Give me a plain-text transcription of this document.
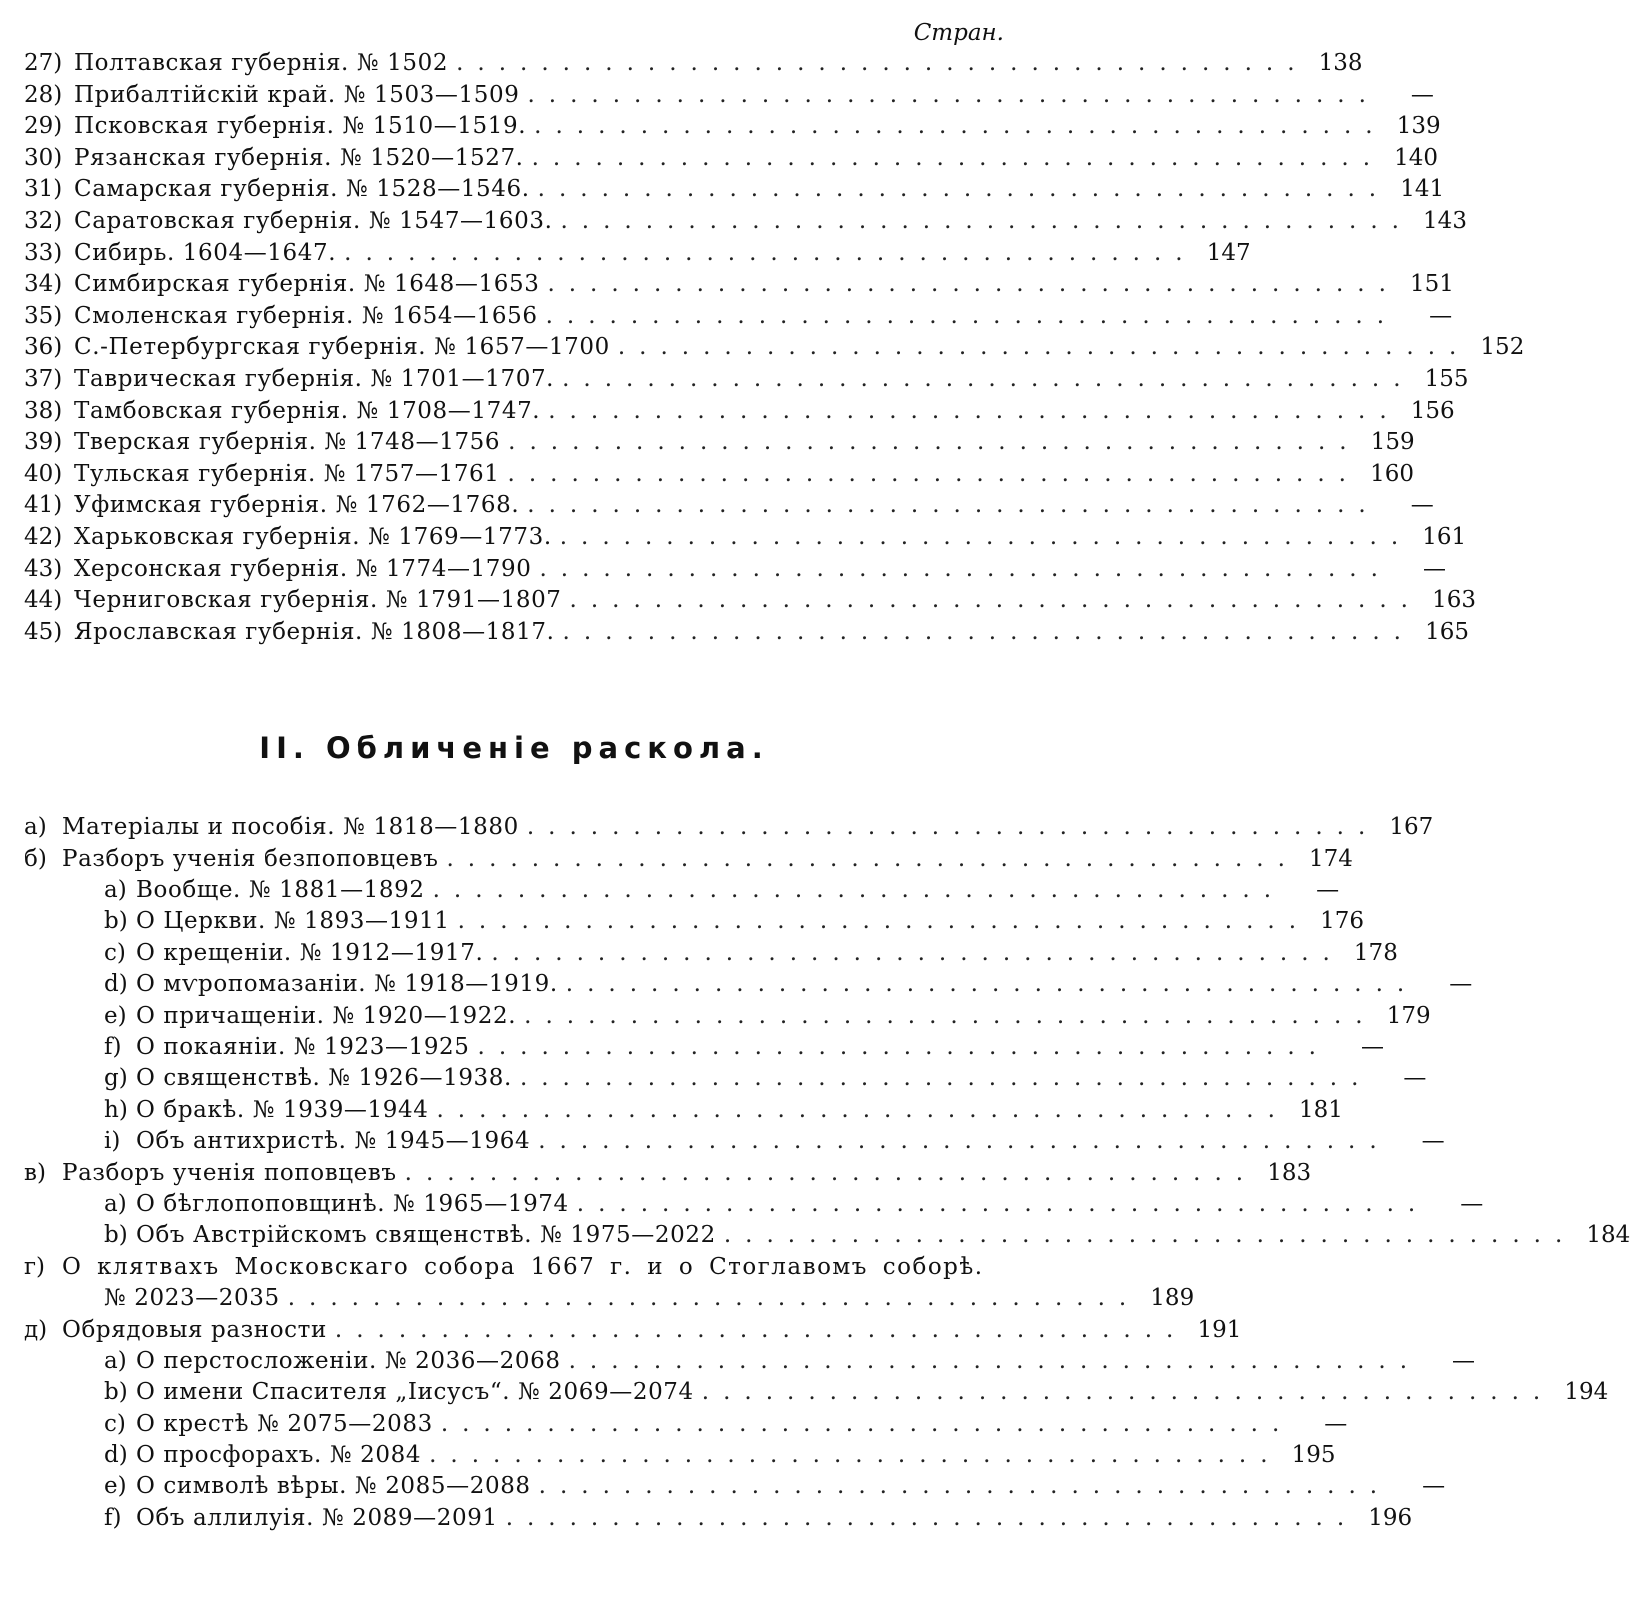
Стран.
27) Полтавская губернія. № 1502 ........................................ 138
28) Прибалтійскій край. № 1503—1509 ........................................	—
29) Псковская губернія. № 1510—1519. ........................................ 139
30) Рязанская губернія. № 1520—1527. ........................................ 140
31) Самарская губернія. № 1528—1546. ........................................ 141
32) Саратовская губернія. № 1547—1603. ........................................ 143
33) Сибирь. 1604—1647. ........................................ 147
34) Симбирская губернія. № 1648—1653 ........................................ 151
35) Смоленская губернія. № 1654—1656 ........................................	—
36) С.-Петербургская губернія. № 1657—1700 ........................................ 152
37) Таврическая губернія. № 1701—1707. ........................................ 155
38) Тамбовская губернія. № 1708—1747. ........................................ 156
39) Тверская губернія. № 1748—1756 ........................................ 159
40) Тульская губернія. № 1757—1761 ........................................ 160
41) Уфимская губернія. № 1762—1768. ........................................	—
42) Харьковская губернія. № 1769—1773. ........................................ 161
43) Херсонская губернія. № 1774—1790 ........................................	—
44) Черниговская губернія. № 1791—1807 ........................................ 163
45) Ярославская губернія. № 1808—1817. ........................................ 165
II. Обличеніе раскола.
а) Матеріалы и пособія. № 1818—1880 ........................................ 167
б) Разборъ ученія безпоповцевъ ........................................ 174
a) Вообще. № 1881—1892 ........................................	—
b) О Церкви. № 1893—1911 ........................................ 176
c) О крещеніи. № 1912—1917. ........................................ 178
d) О мѵропомазаніи. № 1918—1919. ........................................	—
e) О причащеніи. № 1920—1922. ........................................ 179
f) О покаяніи. № 1923—1925 ........................................	—
g) О священствѣ. № 1926—1938. ........................................	—
h) О бракѣ. № 1939—1944 ........................................ 181
i) Объ антихристѣ. № 1945—1964 ........................................	—
в) Разборъ ученія поповцевъ ........................................ 183
a) О бѣглопоповщинѣ. № 1965—1974 ........................................	—
b) Объ Австрійскомъ священствѣ. № 1975—2022 ........................................ 184
г) О клятвахъ Московскаго собора 1667 г. и о Стоглавомъ соборѣ.
№ 2023—2035 ........................................ 189
д) Обрядовыя разности ........................................ 191
a) О перстосложеніи. № 2036—2068 ........................................	—
b) О имени Спасителя „Іисусъ“. № 2069—2074 ........................................ 194
c) О крестѣ № 2075—2083 ........................................	—
d) О просфорахъ. № 2084 ........................................ 195
e) О символѣ вѣры. № 2085—2088 ........................................	—
f) Объ аллилуія. № 2089—2091 ........................................ 196
